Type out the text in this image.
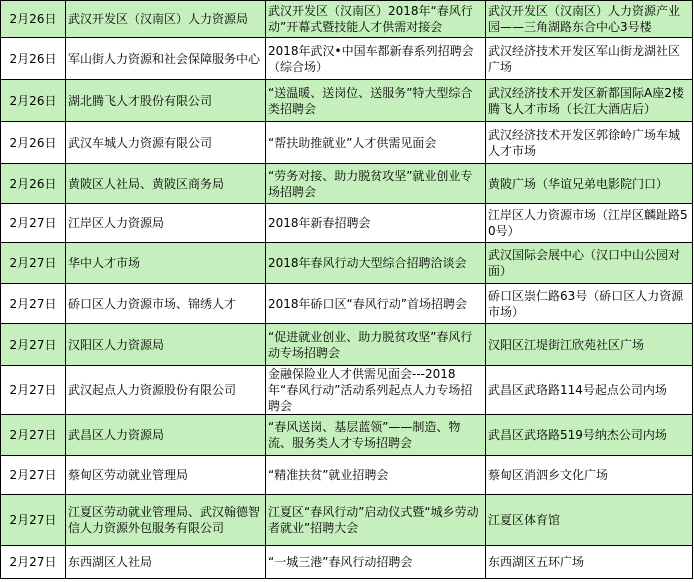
2月26日	武汉开发区（汉南区）人力资源局	武汉开发区（汉南区）2018年“春风行动”开幕式暨技能人才供需对接会	武汉开发区（汉南区）人力资源产业园——三角湖路东合中心3号楼
2月26日	军山街人力资源和社会保障服务中心	2018年武汉•中国车都新春系列招聘会（综合场）	武汉经济技术开发区军山街龙湖社区广场
2月26日	湖北腾飞人才股份有限公司	“送温暖、送岗位、送服务”特大型综合类招聘会	武汉经济技术开发区新都国际A座2楼腾飞人才市场（长江大酒店后）
2月26日	武汉车城人力资源有限公司	“帮扶助推就业”人才供需见面会	武汉经济技术开发区郭徐岭广场车城人才市场
2月26日	黄陂区人社局、黄陂区商务局	“劳务对接、助力脱贫攻坚”就业创业专场招聘会	黄陂广场（华谊兄弟电影院门口）
2月27日	江岸区人力资源局	2018年新春招聘会	江岸区人力资源市场（江岸区麟趾路50号）
2月27日	华中人才市场	2018年春风行动大型综合招聘洽谈会	武汉国际会展中心（汉口中山公园对面）
2月27日	硚口区人力资源市场、锦绣人才	2018年硚口区“春风行动”首场招聘会	硚口区崇仁路63号（硚口区人力资源市场）
2月27日	汉阳区人力资源局	“促进就业创业、助力脱贫攻坚”春风行动专场招聘会	汉阳区江堤街江欣苑社区广场
2月27日	武汉起点人力资源股份有限公司	金融保险业人才供需见面会---2018年“春风行动”活动系列起点人力专场招聘会	武昌区武珞路114号起点公司内场
2月27日	武昌区人力资源局	“春风送岗、基层蓝领”——制造、物流、服务类人才专场招聘会	武昌区武珞路519号纳杰公司内场
2月27日	蔡甸区劳动就业管理局	“精准扶贫”就业招聘会	蔡甸区消泗乡文化广场
2月27日	江夏区劳动就业管理局、武汉翰德智信人力资源外包服务有限公司	江夏区“春风行动”启动仪式暨“城乡劳动者就业”招聘大会	江夏区体育馆
2月27日	东西湖区人社局	“一城三港”春风行动招聘会	东西湖区五环广场
